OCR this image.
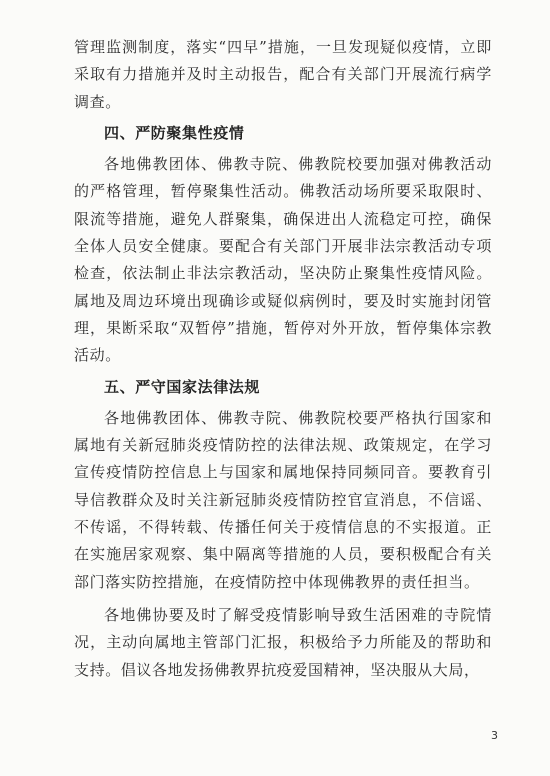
管理监测制度，落实“四早”措施，一旦发现疑似疫情，立即采取有力措施并及时主动报告，配合有关部门开展流行病学调查。

四、严防聚集性疫情

各地佛教团体、佛教寺院、佛教院校要加强对佛教活动的严格管理，暂停聚集性活动。佛教活动场所要采取限时、限流等措施，避免人群聚集，确保进出人流稳定可控，确保全体人员安全健康。要配合有关部门开展非法宗教活动专项检查，依法制止非法宗教活动，坚决防止聚集性疫情风险。属地及周边环境出现确诊或疑似病例时，要及时实施封闭管理，果断采取“双暂停”措施，暂停对外开放，暂停集体宗教活动。

五、严守国家法律法规

各地佛教团体、佛教寺院、佛教院校要严格执行国家和属地有关新冠肺炎疫情防控的法律法规、政策规定，在学习宣传疫情防控信息上与国家和属地保持同频同音。要教育引导信教群众及时关注新冠肺炎疫情防控官宣消息，不信谣、不传谣，不得转载、传播任何关于疫情信息的不实报道。正在实施居家观察、集中隔离等措施的人员，要积极配合有关部门落实防控措施，在疫情防控中体现佛教界的责任担当。

各地佛协要及时了解受疫情影响导致生活困难的寺院情况，主动向属地主管部门汇报，积极给予力所能及的帮助和支持。倡议各地发扬佛教界抗疫爱国精神，坚决服从大局，

3
